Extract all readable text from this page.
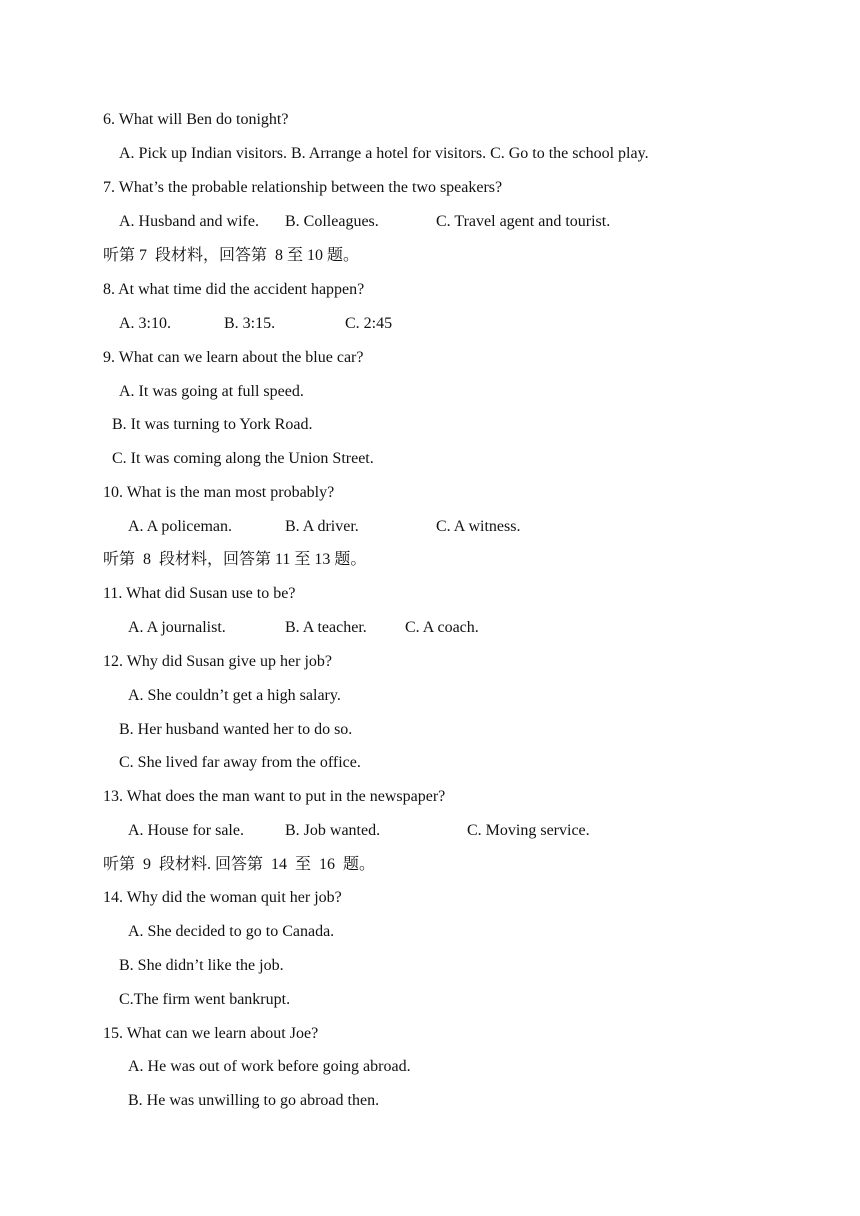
6. What will Ben do tonight?
A. Pick up Indian visitors. B. Arrange a hotel for visitors. C. Go to the school play.
7. What’s the probable relationship between the two speakers?
A. Husband and wife. B. Colleagues.	C. Travel agent and tourist.
听第 7  段材料，回答第  8 至 10 题。
8. At what time did the accident happen?
A. 3:10.	B. 3:15.	C. 2:45
9. What can we learn about the blue car?
A. It was going at full speed.
B. It was turning to York Road.
C. It was coming along the Union Street.
10. What is the man most probably?
A. A policeman.	B. A driver.	C. A witness.
听第  8  段材料，回答第 11 至 13 题。
11. What did Susan use to be?
A. A journalist.	B. A teacher. C. A coach.
12. Why did Susan give up her job?
A. She couldn’t get a high salary.
B. Her husband wanted her to do so.
C. She lived far away from the office.
13. What does the man want to put in the newspaper?
A. House for sale.	B. Job wanted.	C. Moving service.
听第  9  段材料. 回答第  14  至  16  题。
14. Why did the woman quit her job?
A. She decided to go to Canada.
B. She didn’t like the job.
C.The firm went bankrupt.
15. What can we learn about Joe?
A. He was out of work before going abroad.
B. He was unwilling to go abroad then.
